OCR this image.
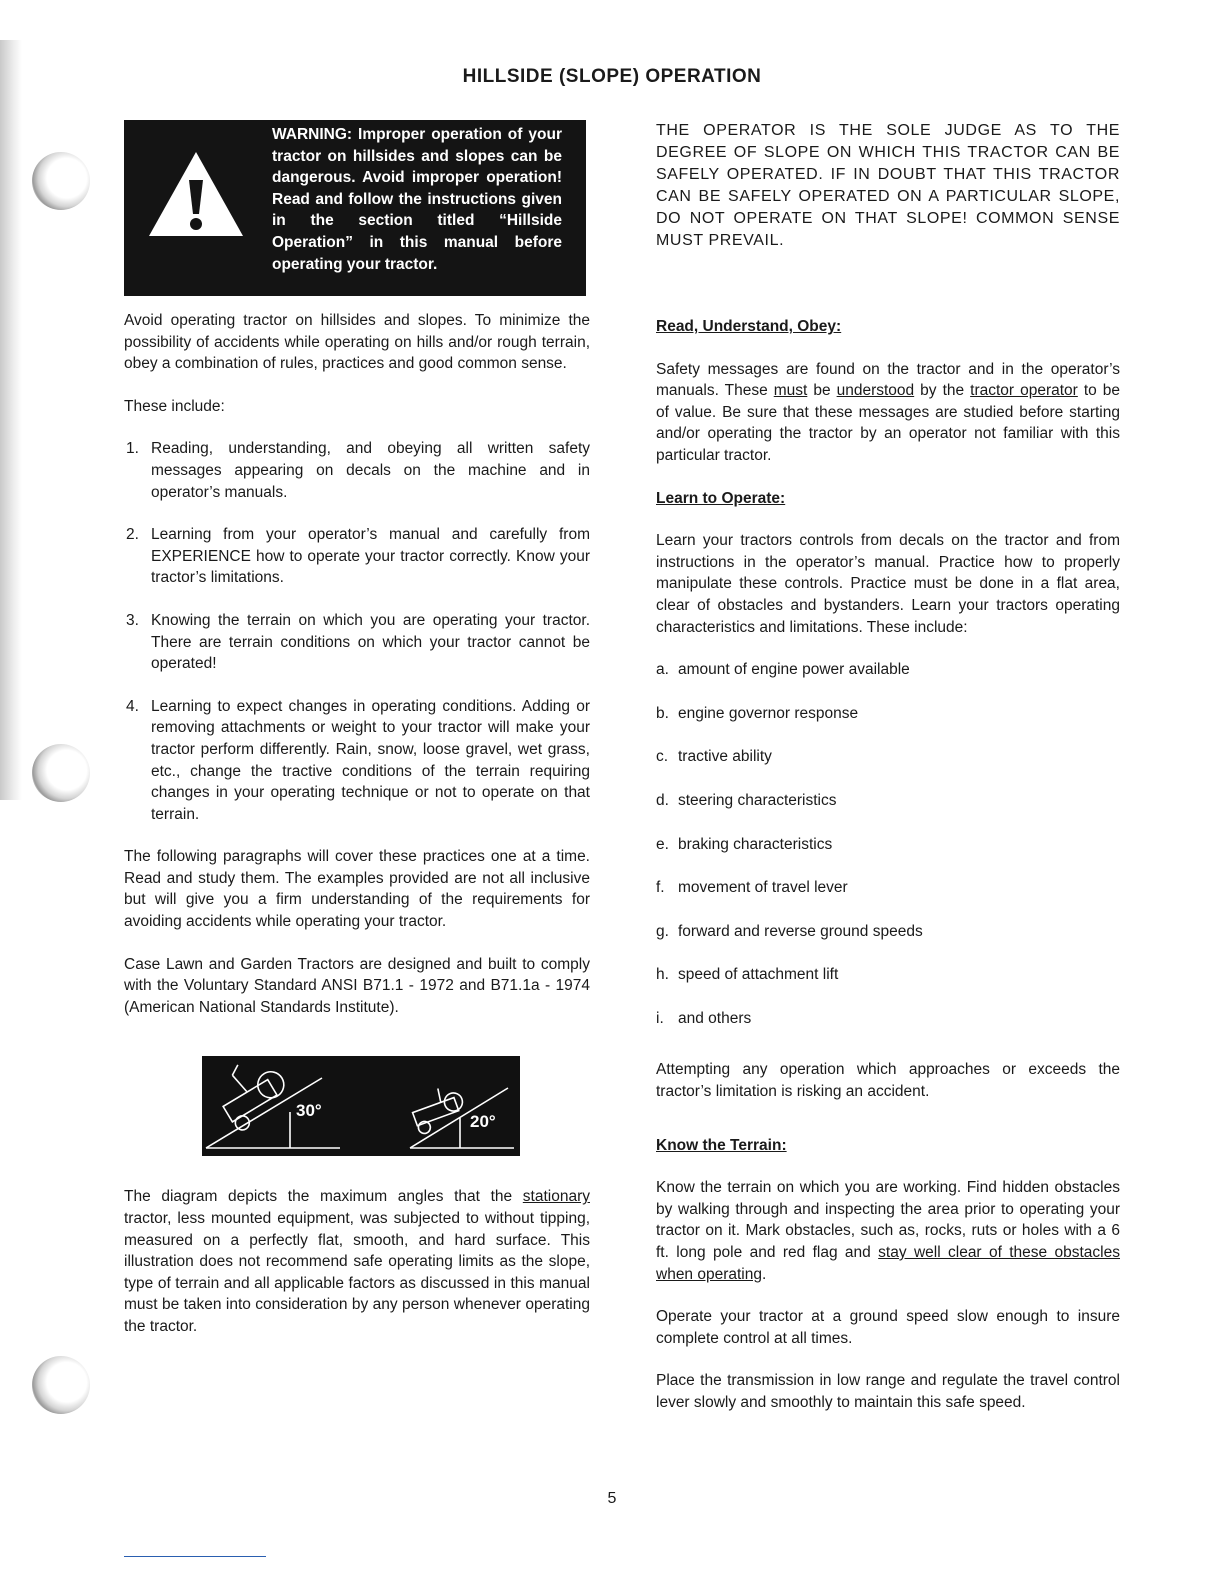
HILLSIDE (SLOPE) OPERATION
WARNING: Improper operation of your tractor on hillsides and slopes can be dangerous. Avoid improper operation! Read and follow the instructions given in the section titled “Hillside Operation” in this manual before operating your tractor.

Avoid operating tractor on hillsides and slopes. To minimize the possibility of accidents while operating on hills and/or rough terrain, obey a combination of rules, practices and good common sense.

These include:

1. Reading, understanding, and obeying all written safety messages appearing on decals on the machine and in operator’s manuals.
2. Learning from your operator’s manual and carefully from EXPERIENCE how to operate your tractor correctly. Know your tractor’s limitations.
3. Knowing the terrain on which you are operating your tractor. There are terrain conditions on which your tractor cannot be operated!
4. Learning to expect changes in operating conditions. Adding or removing attachments or weight to your tractor will make your tractor perform differently. Rain, snow, loose gravel, wet grass, etc., change the tractive conditions of the terrain requiring changes in your operating technique or not to operate on that terrain.

The following paragraphs will cover these practices one at a time. Read and study them. The examples provided are not all inclusive but will give you a firm understanding of the requirements for avoiding accidents while operating your tractor.

Case Lawn and Garden Tractors are designed and built to comply with the Voluntary Standard ANSI B71.1 - 1972 and B71.1a - 1974 (American National Standards Institute).

30°
20°

The diagram depicts the maximum angles that the stationary tractor, less mounted equipment, was subjected to without tipping, measured on a perfectly flat, smooth, and hard surface. This illustration does not recommend safe operating limits as the slope, type of terrain and all applicable factors as discussed in this manual must be taken into consideration by any person whenever operating the tractor.

THE OPERATOR IS THE SOLE JUDGE AS TO THE DEGREE OF SLOPE ON WHICH THIS TRACTOR CAN BE SAFELY OPERATED. IF IN DOUBT THAT THIS TRACTOR CAN BE SAFELY OPERATED ON A PARTICULAR SLOPE, DO NOT OPERATE ON THAT SLOPE! COMMON SENSE MUST PREVAIL.

Read, Understand, Obey:

Safety messages are found on the tractor and in the operator’s manuals. These must be understood by the tractor operator to be of value. Be sure that these messages are studied before starting and/or operating the tractor by an operator not familiar with this particular tractor.

Learn to Operate:

Learn your tractors controls from decals on the tractor and from instructions in the operator’s manual. Practice how to properly manipulate these controls. Practice must be done in a flat area, clear of obstacles and bystanders. Learn your tractors operating characteristics and limitations. These include:

a. amount of engine power available
b. engine governor response
c. tractive ability
d. steering characteristics
e. braking characteristics
f. movement of travel lever
g. forward and reverse ground speeds
h. speed of attachment lift
i. and others

Attempting any operation which approaches or exceeds the tractor’s limitation is risking an accident.

Know the Terrain:

Know the terrain on which you are working. Find hidden obstacles by walking through and inspecting the area prior to operating your tractor on it. Mark obstacles, such as, rocks, ruts or holes with a 6 ft. long pole and red flag and stay well clear of these obstacles when operating.

Operate your tractor at a ground speed slow enough to insure complete control at all times.

Place the transmission in low range and regulate the travel control lever slowly and smoothly to maintain this safe speed.

5
